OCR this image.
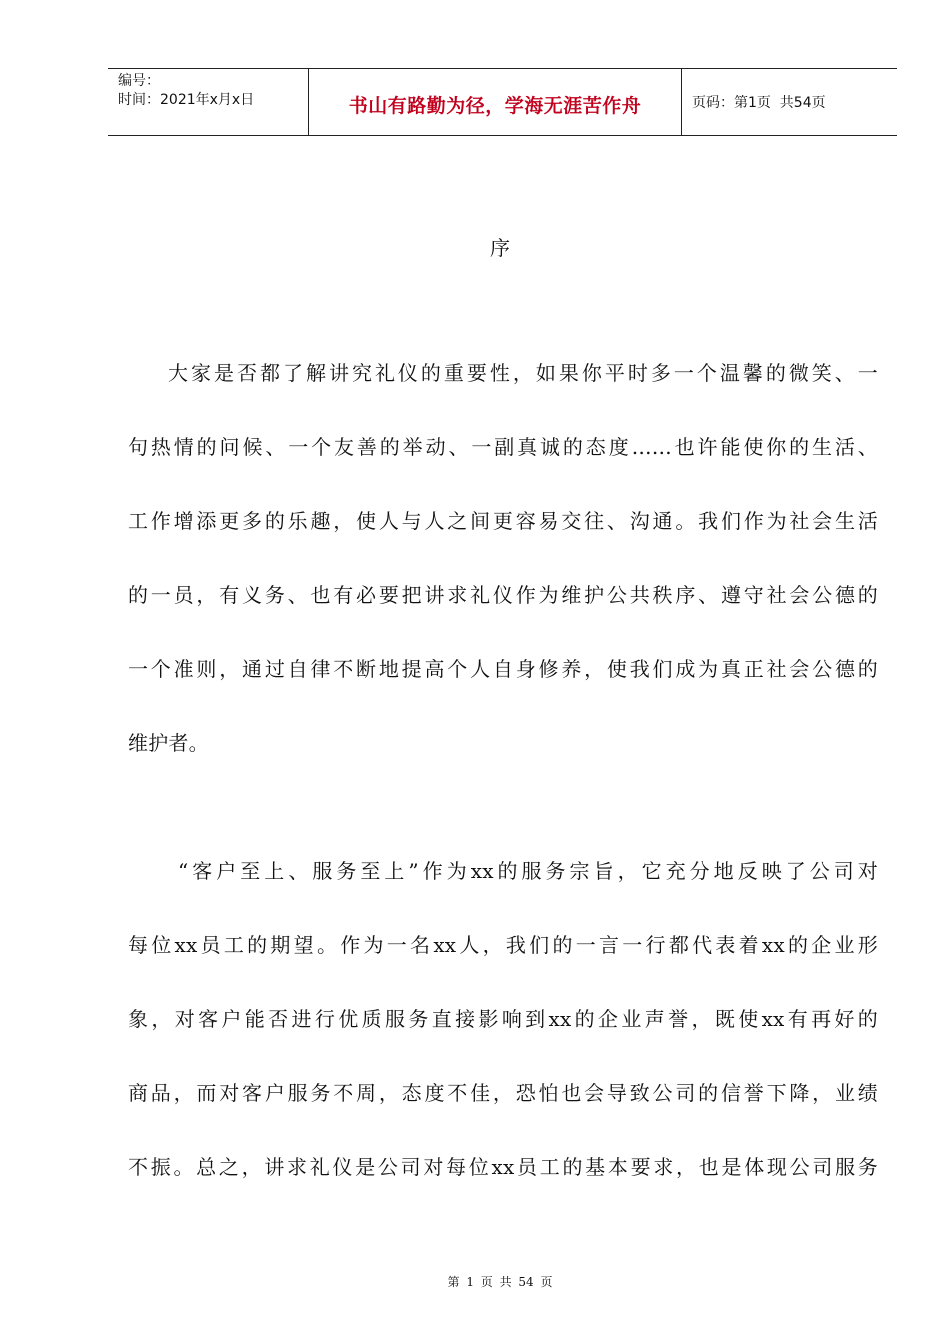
编号：
时间：2021年x月x日	书山有路勤为径，学海无涯苦作舟	页码：第1页  共54页
序
大家是否都了解讲究礼仪的重要性，如果你平时多一个温馨的微笑、一
句热情的问候、一个友善的举动、一副真诚的态度……也许能使你的生活、
工作增添更多的乐趣，使人与人之间更容易交往、沟通。我们作为社会生活
的一员，有义务、也有必要把讲求礼仪作为维护公共秩序、遵守社会公德的
一个准则，通过自律不断地提高个人自身修养，使我们成为真正社会公德的
维护者。
“客户至上、服务至上”作为xx的服务宗旨，它充分地反映了公司对
每位xx员工的期望。作为一名xx人，我们的一言一行都代表着xx的企业形
象，对客户能否进行优质服务直接影响到xx的企业声誉，既使xx有再好的
商品，而对客户服务不周，态度不佳，恐怕也会导致公司的信誉下降，业绩
不振。总之，讲求礼仪是公司对每位xx员工的基本要求，也是体现公司服务
第 1 页 共 54 页
